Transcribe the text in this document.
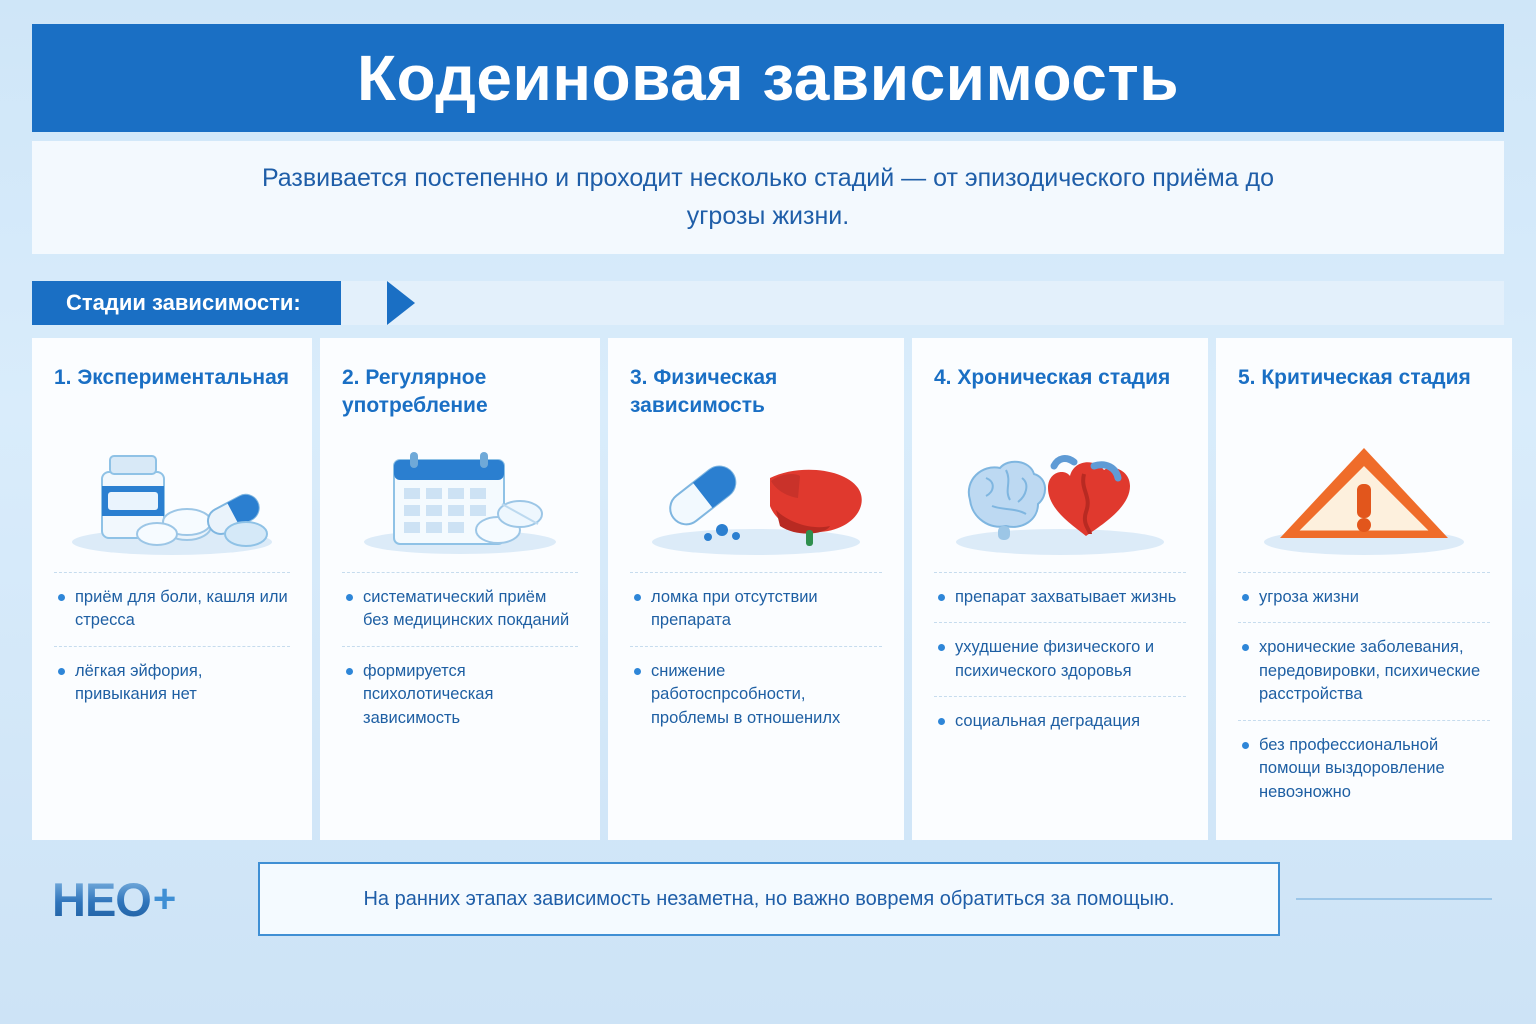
Кодеиновая зависимость

Развивается постепенно и проходит несколько стадий — от эпизодического приёма до угрозы жизни.

Стадии зависимости:
1. Экспериментальная
приём для боли, кашля или стресса
лёгкая эйфория, привыкания нет
2. Регулярное употребление
систематический приём без медицинских покданий
формируется психолотическая зависимость
3. Физическая зависимость
ломка при отсутствии препарата
снижение работоспрсобности, проблемы в отношенилх
4. Хроническая стадия
препарат захватывает жизнь
ухудшение физического и психического здоровья
социальная деградация
5. Критическая стадия
угроза жизни
хронические заболевания, передовировки, психические расстройства
без профессиональной помощи выздоровление невоэножно
HEO +	На ранних этапах зависимость незаметна, но важно вовремя обратиться за помощыю.
